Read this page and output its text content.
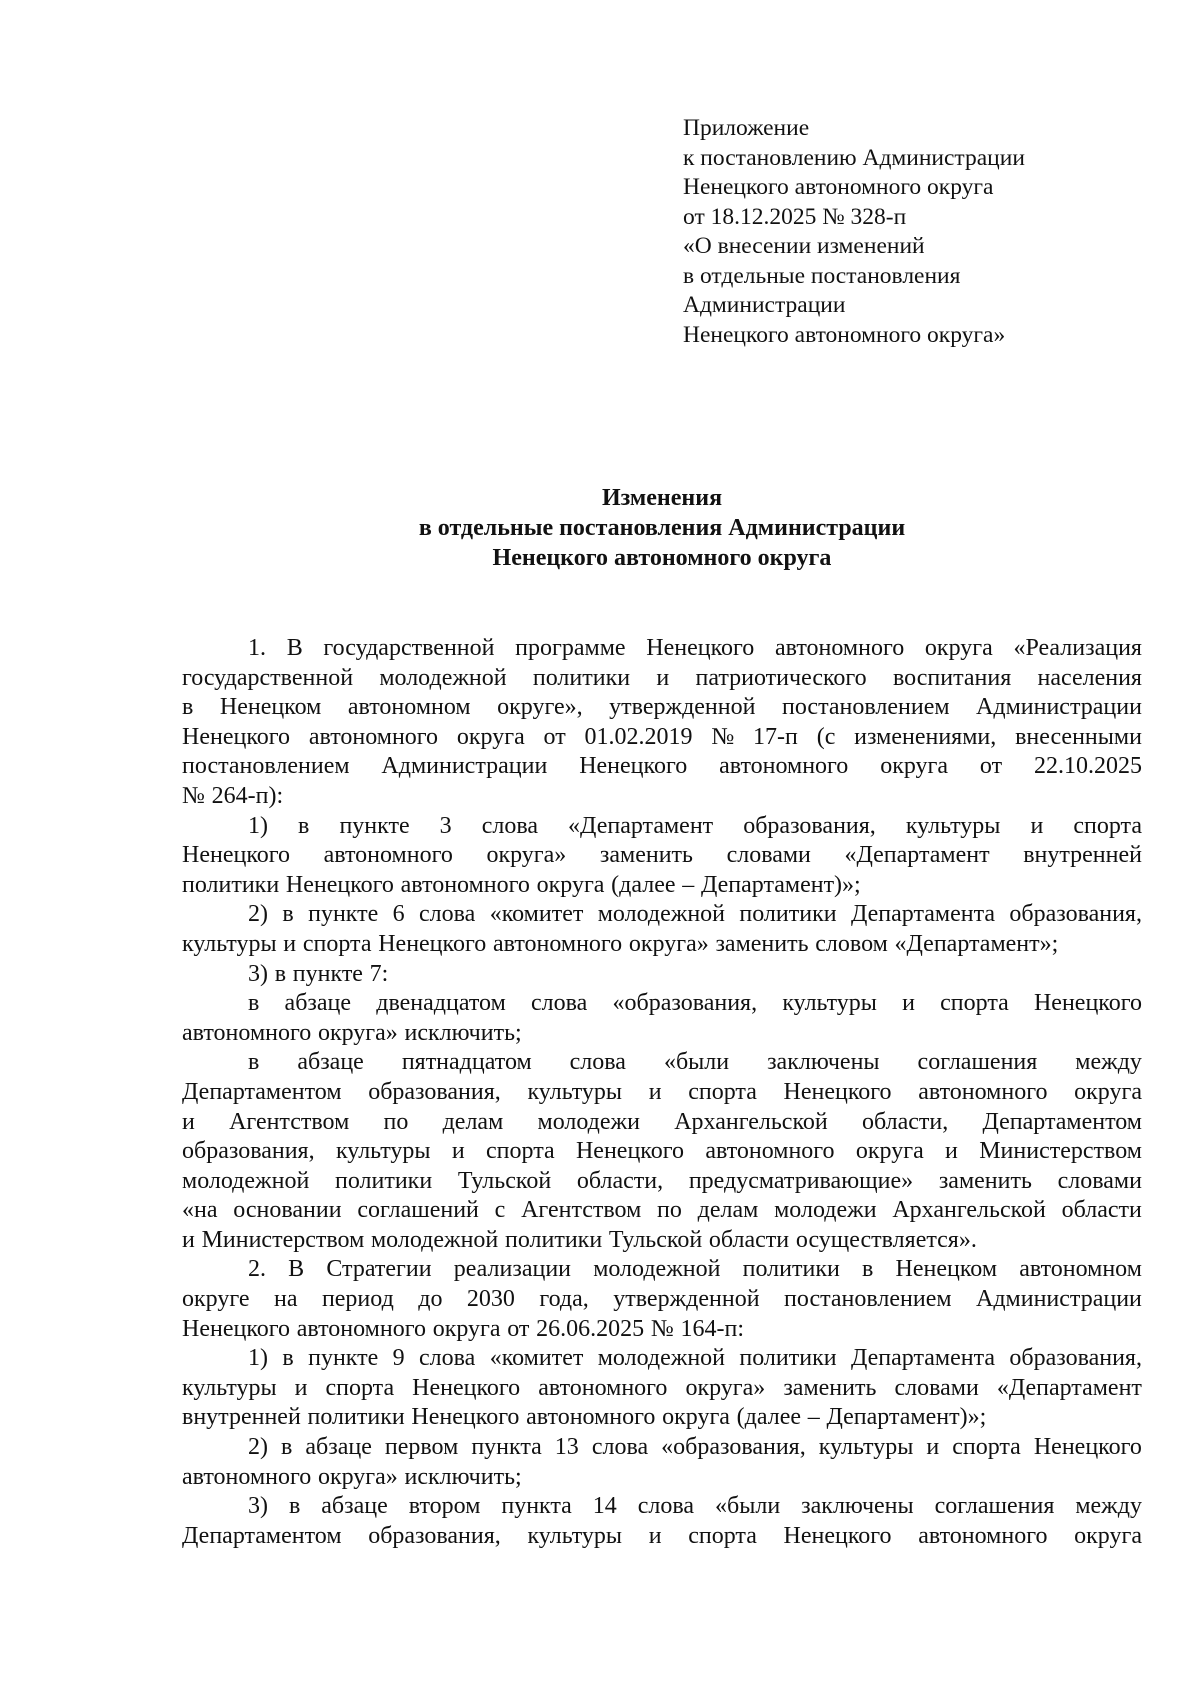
Приложение
к постановлению Администрации
Ненецкого автономного округа
от 18.12.2025 № 328-п
«О внесении изменений
в отдельные постановления
Администрации
Ненецкого автономного округа»
Изменения
в отдельные постановления Администрации
Ненецкого автономного округа
1. В государственной программе Ненецкого автономного округа «Реализация
государственной молодежной политики и патриотического воспитания населения
в Ненецком автономном округе», утвержденной постановлением Администрации
Ненецкого автономного округа от 01.02.2019 № 17-п (с изменениями, внесенными
постановлением Администрации Ненецкого автономного округа от 22.10.2025
№ 264-п):
1) в пункте 3 слова «Департамент образования, культуры и спорта
Ненецкого автономного округа» заменить словами «Департамент внутренней
политики Ненецкого автономного округа (далее – Департамент)»;
2) в пункте 6 слова «комитет молодежной политики Департамента образования,
культуры и спорта Ненецкого автономного округа» заменить словом «Департамент»;
3) в пункте 7:
в абзаце двенадцатом слова «образования, культуры и спорта Ненецкого
автономного округа» исключить;
в абзаце пятнадцатом слова «были заключены соглашения между
Департаментом образования, культуры и спорта Ненецкого автономного округа
и Агентством по делам молодежи Архангельской области, Департаментом
образования, культуры и спорта Ненецкого автономного округа и Министерством
молодежной политики Тульской области, предусматривающие» заменить словами
«на основании соглашений с Агентством по делам молодежи Архангельской области
и Министерством молодежной политики Тульской области осуществляется».
2. В Стратегии реализации молодежной политики в Ненецком автономном
округе на период до 2030 года, утвержденной постановлением Администрации
Ненецкого автономного округа от 26.06.2025 № 164-п:
1) в пункте 9 слова «комитет молодежной политики Департамента образования,
культуры и спорта Ненецкого автономного округа» заменить словами «Департамент
внутренней политики Ненецкого автономного округа (далее – Департамент)»;
2) в абзаце первом пункта 13 слова «образования, культуры и спорта Ненецкого
автономного округа» исключить;
3) в абзаце втором пункта 14 слова «были заключены соглашения между
Департаментом образования, культуры и спорта Ненецкого автономного округа
